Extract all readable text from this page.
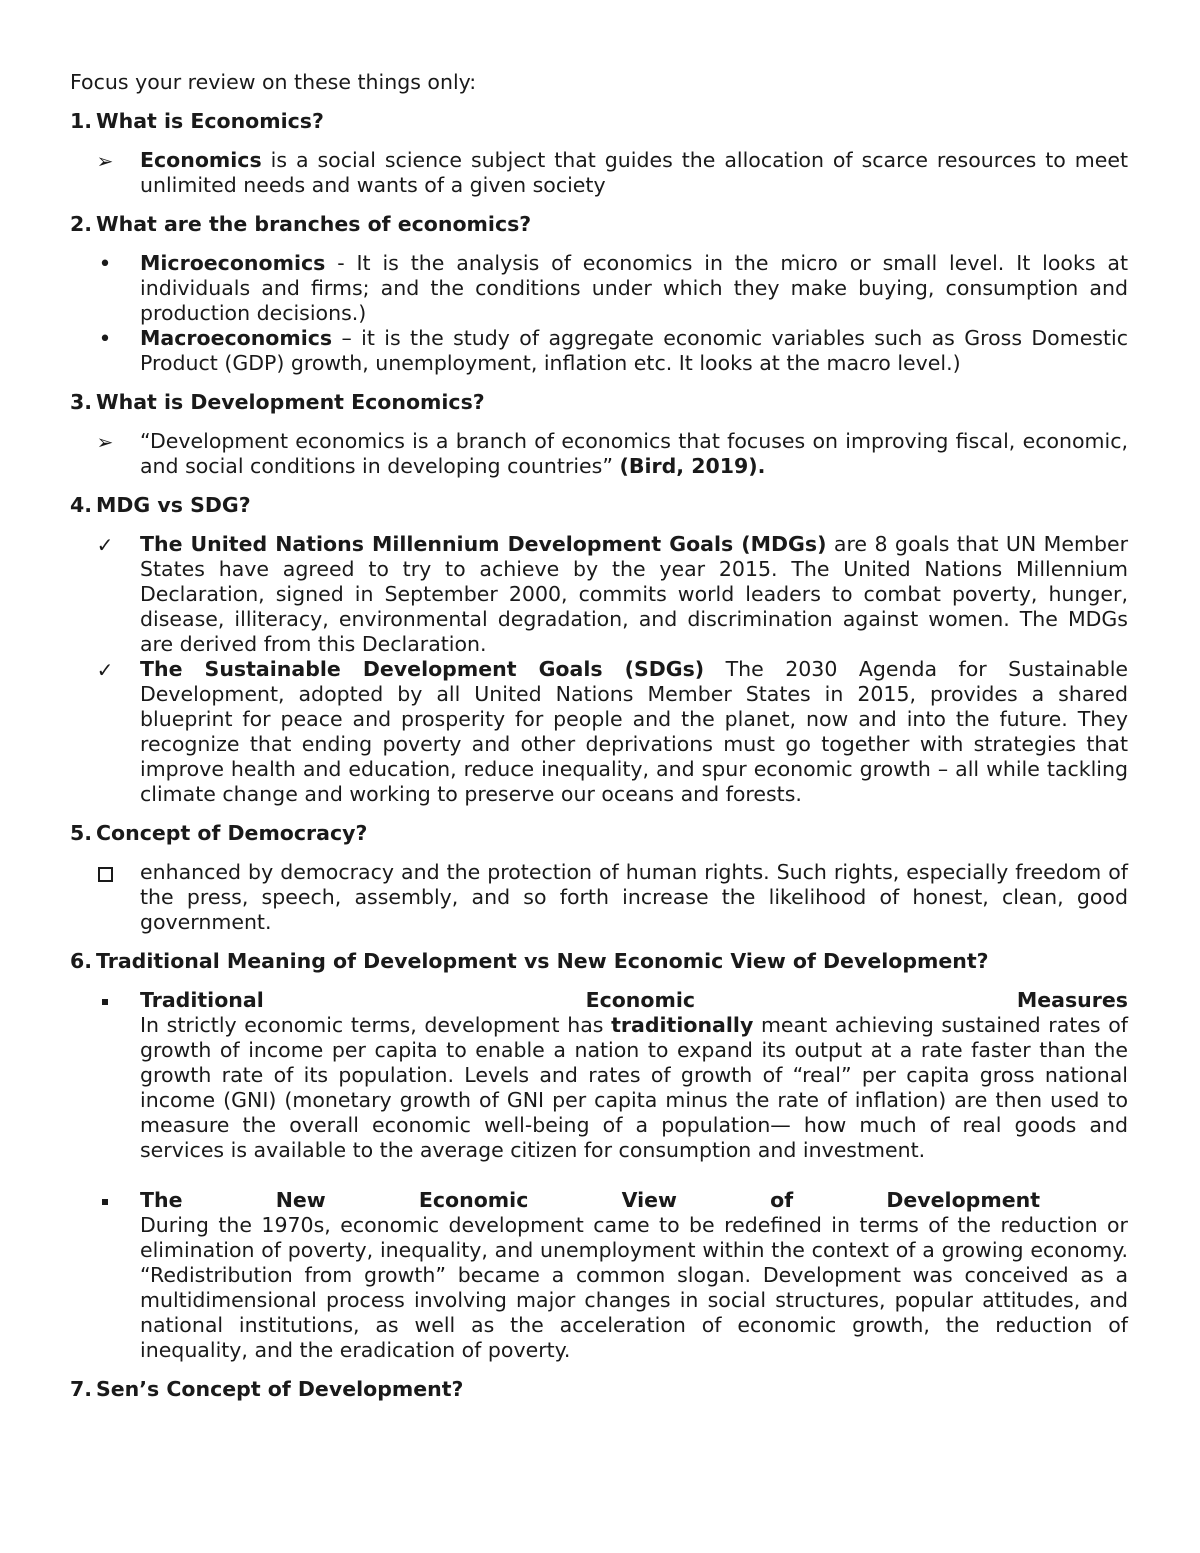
Focus your review on these things only:

1. What is Economics?
➢ Economics is a social science subject that guides the allocation of scarce resources to meet unlimited needs and wants of a given society
2. What are the branches of economics?
• Microeconomics - It is the analysis of economics in the micro or small level. It looks at individuals and firms; and the conditions under which they make buying, consumption and production decisions.)
• Macroeconomics – it is the study of aggregate economic variables such as Gross Domestic Product (GDP) growth, unemployment, inflation etc. It looks at the macro level.)
3. What is Development Economics?
➢ “Development economics is a branch of economics that focuses on improving fiscal, economic, and social conditions in developing countries” (Bird, 2019).
4. MDG vs SDG?
✓ The United Nations Millennium Development Goals (MDGs) are 8 goals that UN Member States have agreed to try to achieve by the year 2015. The United Nations Millennium Declaration, signed in September 2000, commits world leaders to combat poverty, hunger, disease, illiteracy, environmental degradation, and discrimination against women. The MDGs are derived from this Declaration.
✓ The Sustainable Development Goals (SDGs) The 2030 Agenda for Sustainable Development, adopted by all United Nations Member States in 2015, provides a shared blueprint for peace and prosperity for people and the planet, now and into the future. They recognize that ending poverty and other deprivations must go together with strategies that improve health and education, reduce inequality, and spur economic growth – all while tackling climate change and working to preserve our oceans and forests.
5. Concept of Democracy?
enhanced by democracy and the protection of human rights. Such rights, especially freedom of the press, speech, assembly, and so forth increase the likelihood of honest, clean, good government.
6. Traditional Meaning of Development vs New Economic View of Development?
Traditional	Economic	Measures
In strictly economic terms, development has traditionally meant achieving sustained rates of growth of income per capita to enable a nation to expand its output at a rate faster than the growth rate of its population. Levels and rates of growth of “real” per capita gross national income (GNI) (monetary growth of GNI per capita minus the rate of inflation) are then used to measure the overall economic well-being of a population— how much of real goods and services is available to the average citizen for consumption and investment.
The	New	Economic	View	of	Development
During the 1970s, economic development came to be redefined in terms of the reduction or elimination of poverty, inequality, and unemployment within the context of a growing economy. “Redistribution from growth” became a common slogan. Development was conceived as a multidimensional process involving major changes in social structures, popular attitudes, and national institutions, as well as the acceleration of economic growth, the reduction of inequality, and the eradication of poverty.
7. Sen’s Concept of Development?
